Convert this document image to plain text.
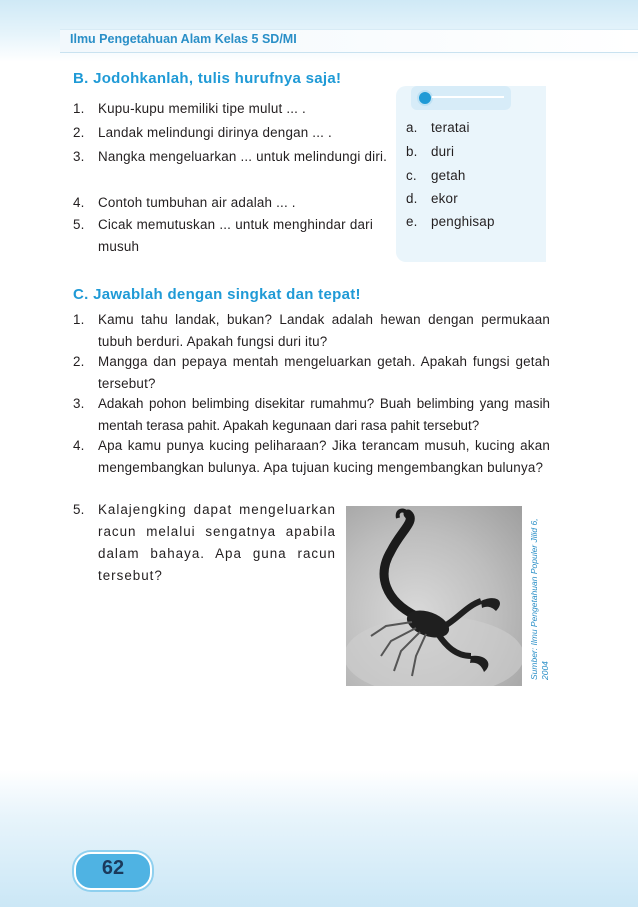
Ilmu Pengetahuan Alam Kelas 5 SD/MI
B. Jodohkanlah, tulis hurufnya saja!
1. Kupu-kupu memiliki tipe mulut ... .
2. Landak melindungi dirinya dengan ... .
3. Nangka mengeluarkan ... untuk melindungi diri.
4. Contoh tumbuhan air adalah ... .
5. Cicak memutuskan ... untuk menghindar dari musuh
a. teratai
b. duri
c. getah
d. ekor
e. penghisap
C. Jawablah dengan singkat dan tepat!
1. Kamu tahu landak, bukan? Landak adalah hewan dengan permukaan tubuh berduri. Apakah fungsi duri itu?
2. Mangga dan pepaya mentah mengeluarkan getah. Apakah fungsi getah tersebut?
3. Adakah pohon belimbing disekitar rumahmu? Buah belimbing yang masih mentah terasa pahit. Apakah kegunaan dari rasa pahit tersebut?
4. Apa kamu punya kucing peliharaan? Jika terancam musuh, kucing akan mengembangkan bulunya. Apa tujuan kucing mengembangkan bulunya?
5. Kalajengking dapat mengeluarkan racun melalui sengatnya apabila dalam bahaya. Apa guna racun tersebut?	Sumber: Ilmu Pengetahuan Populer Jilid 6, 2004
62
